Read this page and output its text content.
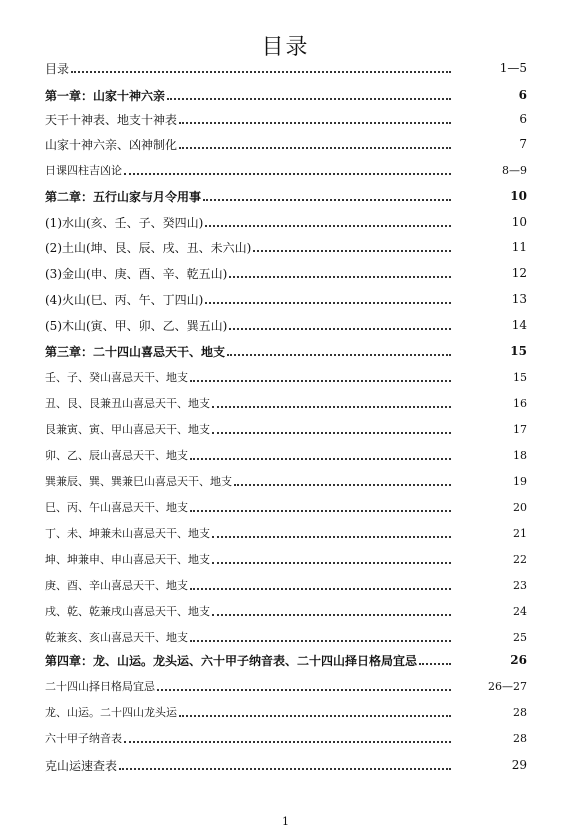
目录
目录	1—5
第一章：山家十神六亲	6
天干十神表、地支十神表	6
山家十神六亲、凶神制化	7
日课四柱吉凶论	8—9
第二章：五行山家与月令用事	10
(1)水山(亥、壬、子、癸四山)	10
(2)土山(坤、艮、辰、戌、丑、未六山)	11
(3)金山(申、庚、酉、辛、乾五山)	12
(4)火山(巳、丙、午、丁四山)	13
(5)木山(寅、甲、卯、乙、巽五山)	14
第三章：二十四山喜忌天干、地支	15
壬、子、癸山喜忌天干、地支	15
丑、艮、艮兼丑山喜忌天干、地支	16
艮兼寅、寅、甲山喜忌天干、地支	17
卯、乙、辰山喜忌天干、地支	18
巽兼辰、巽、巽兼巳山喜忌天干、地支	19
巳、丙、午山喜忌天干、地支	20
丁、未、坤兼未山喜忌天干、地支	21
坤、坤兼申、申山喜忌天干、地支	22
庚、酉、辛山喜忌天干、地支	23
戌、乾、乾兼戌山喜忌天干、地支	24
乾兼亥、亥山喜忌天干、地支	25
第四章：龙、山运。龙头运、六十甲子纳音表、二十四山择日格局宜忌	26
二十四山择日格局宜忌	26—27
龙、山运。二十四山龙头运	28
六十甲子纳音表	28
克山运速查表	29
1
